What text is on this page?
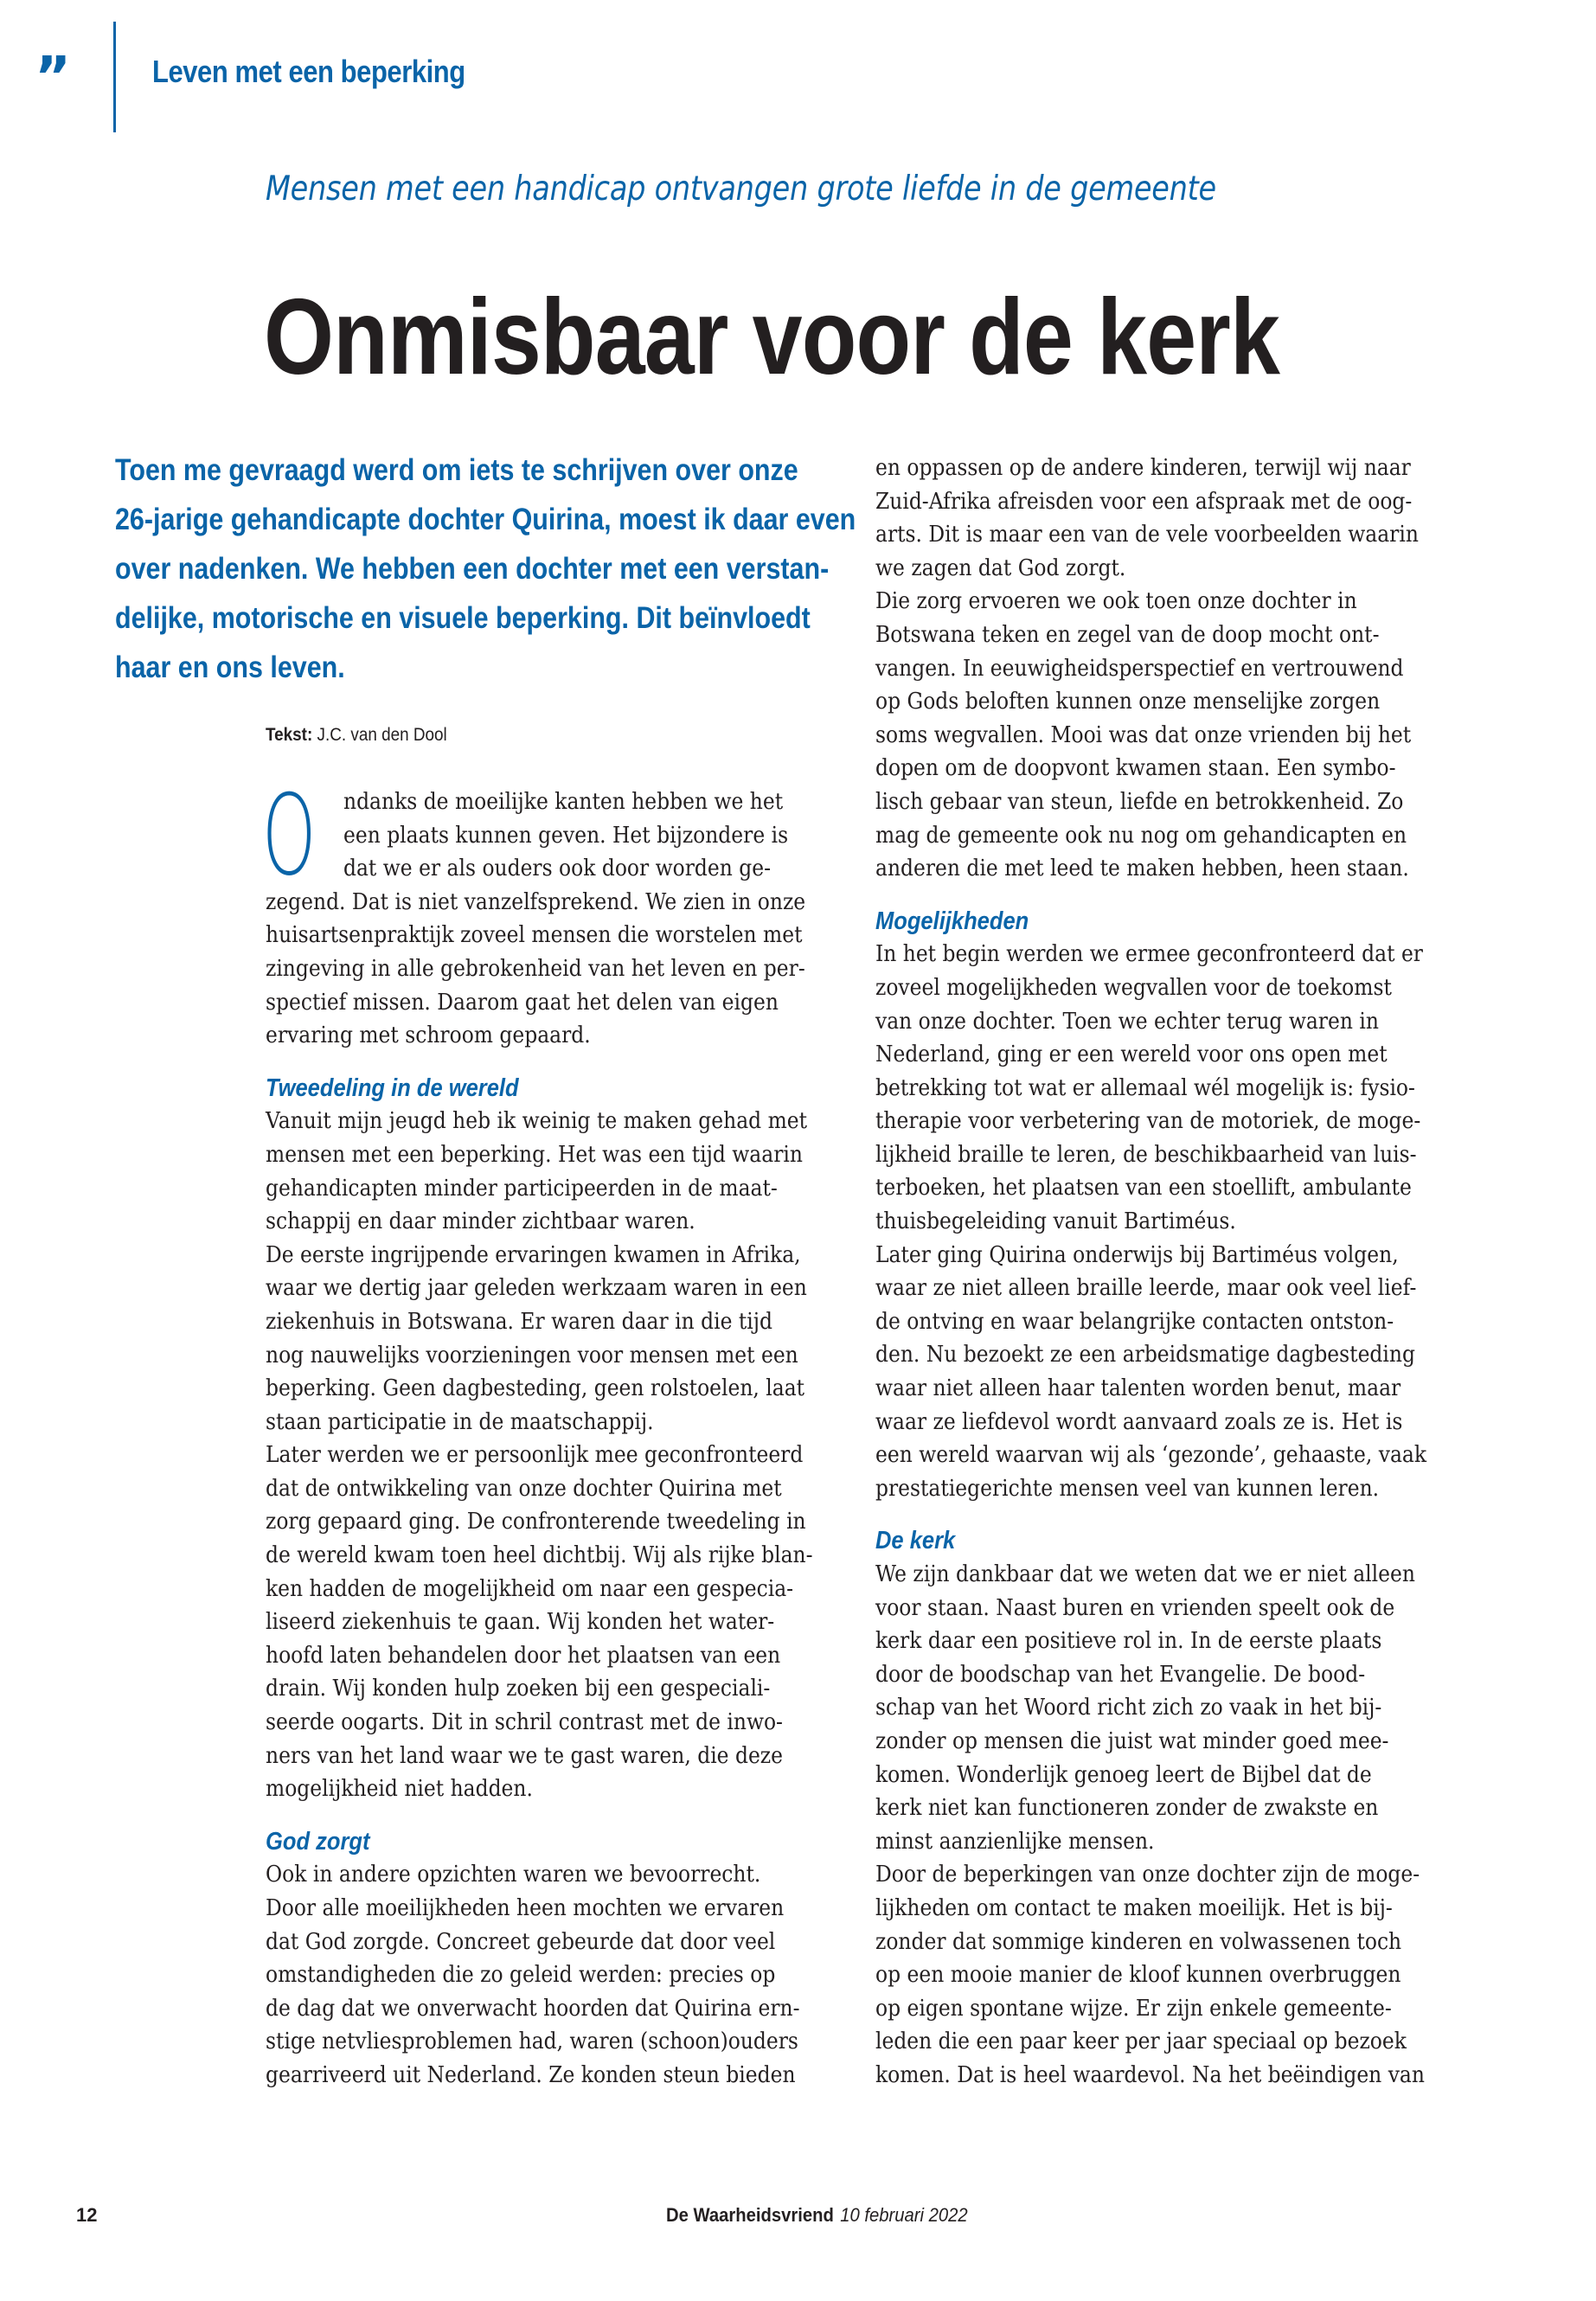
”	Leven met een beperking
Mensen met een handicap ontvangen grote liefde in de gemeente
Onmisbaar voor de kerk
Toen me gevraagd werd om iets te schrijven over onze
26-jarige gehandicapte dochter Quirina, moest ik daar even
over nadenken. We hebben een dochter met een verstan-
delijke, motorische en visuele beperking. Dit beïnvloedt
haar en ons leven.
Tekst: J.C. van den Dool
O ndanks de moeilijke kanten hebben we het
een plaats kunnen geven. Het bijzondere is
dat we er als ouders ook door worden ge-
zegend. Dat is niet vanzelfsprekend. We zien in onze
huisartsenpraktijk zoveel mensen die worstelen met
zingeving in alle gebrokenheid van het leven en per-
spectief missen. Daarom gaat het delen van eigen
ervaring met schroom gepaard.
Tweedeling in de wereld
Vanuit mijn jeugd heb ik weinig te maken gehad met
mensen met een beperking. Het was een tijd waarin
gehandicapten minder participeerden in de maat-
schappij en daar minder zichtbaar waren.
De eerste ingrijpende ervaringen kwamen in Afrika,
waar we dertig jaar geleden werkzaam waren in een
ziekenhuis in Botswana. Er waren daar in die tijd
nog nauwelijks voorzieningen voor mensen met een
beperking. Geen dagbesteding, geen rolstoelen, laat
staan participatie in de maatschappij.
Later werden we er persoonlijk mee geconfronteerd
dat de ontwikkeling van onze dochter Quirina met
zorg gepaard ging. De confronterende tweedeling in
de wereld kwam toen heel dichtbij. Wij als rijke blan-
ken hadden de mogelijkheid om naar een gespecia-
liseerd ziekenhuis te gaan. Wij konden het water-
hoofd laten behandelen door het plaatsen van een
drain. Wij konden hulp zoeken bij een gespeciali-
seerde oogarts. Dit in schril contrast met de inwo-
ners van het land waar we te gast waren, die deze
mogelijkheid niet hadden.
God zorgt
Ook in andere opzichten waren we bevoorrecht.
Door alle moeilijkheden heen mochten we ervaren
dat God zorgde. Concreet gebeurde dat door veel
omstandigheden die zo geleid werden: precies op
de dag dat we onverwacht hoorden dat Quirina ern-
stige netvliesproblemen had, waren (schoon)ouders
gearriveerd uit Nederland. Ze konden steun bieden
en oppassen op de andere kinderen, terwijl wij naar
Zuid-Afrika afreisden voor een afspraak met de oog-
arts. Dit is maar een van de vele voorbeelden waarin
we zagen dat God zorgt.
Die zorg ervoeren we ook toen onze dochter in
Botswana teken en zegel van de doop mocht ont-
vangen. In eeuwigheidsperspectief en vertrouwend
op Gods beloften kunnen onze menselijke zorgen
soms wegvallen. Mooi was dat onze vrienden bij het
dopen om de doopvont kwamen staan. Een symbo-
lisch gebaar van steun, liefde en betrokkenheid. Zo
mag de gemeente ook nu nog om gehandicapten en
anderen die met leed te maken hebben, heen staan.
Mogelijkheden
In het begin werden we ermee geconfronteerd dat er
zoveel mogelijkheden wegvallen voor de toekomst
van onze dochter. Toen we echter terug waren in
Nederland, ging er een wereld voor ons open met
betrekking tot wat er allemaal wél mogelijk is: fysio-
therapie voor verbetering van de motoriek, de moge-
lijkheid braille te leren, de beschikbaarheid van luis-
terboeken, het plaatsen van een stoellift, ambulante
thuisbegeleiding vanuit Bartiméus.
Later ging Quirina onderwijs bij Bartiméus volgen,
waar ze niet alleen braille leerde, maar ook veel lief-
de ontving en waar belangrijke contacten ontston-
den. Nu bezoekt ze een arbeidsmatige dagbesteding
waar niet alleen haar talenten worden benut, maar
waar ze liefdevol wordt aanvaard zoals ze is. Het is
een wereld waarvan wij als ‘gezonde’, gehaaste, vaak
prestatiegerichte mensen veel van kunnen leren.
De kerk
We zijn dankbaar dat we weten dat we er niet alleen
voor staan. Naast buren en vrienden speelt ook de
kerk daar een positieve rol in. In de eerste plaats
door de boodschap van het Evangelie. De bood-
schap van het Woord richt zich zo vaak in het bij-
zonder op mensen die juist wat minder goed mee-
komen. Wonderlijk genoeg leert de Bijbel dat de
kerk niet kan functioneren zonder de zwakste en
minst aanzienlijke mensen.
Door de beperkingen van onze dochter zijn de moge-
lijkheden om contact te maken moeilijk. Het is bij-
zonder dat sommige kinderen en volwassenen toch
op een mooie manier de kloof kunnen overbruggen
op eigen spontane wijze. Er zijn enkele gemeente-
leden die een paar keer per jaar speciaal op bezoek
komen. Dat is heel waardevol. Na het beëindigen van
12	De Waarheidsvriend 10 februari 2022
